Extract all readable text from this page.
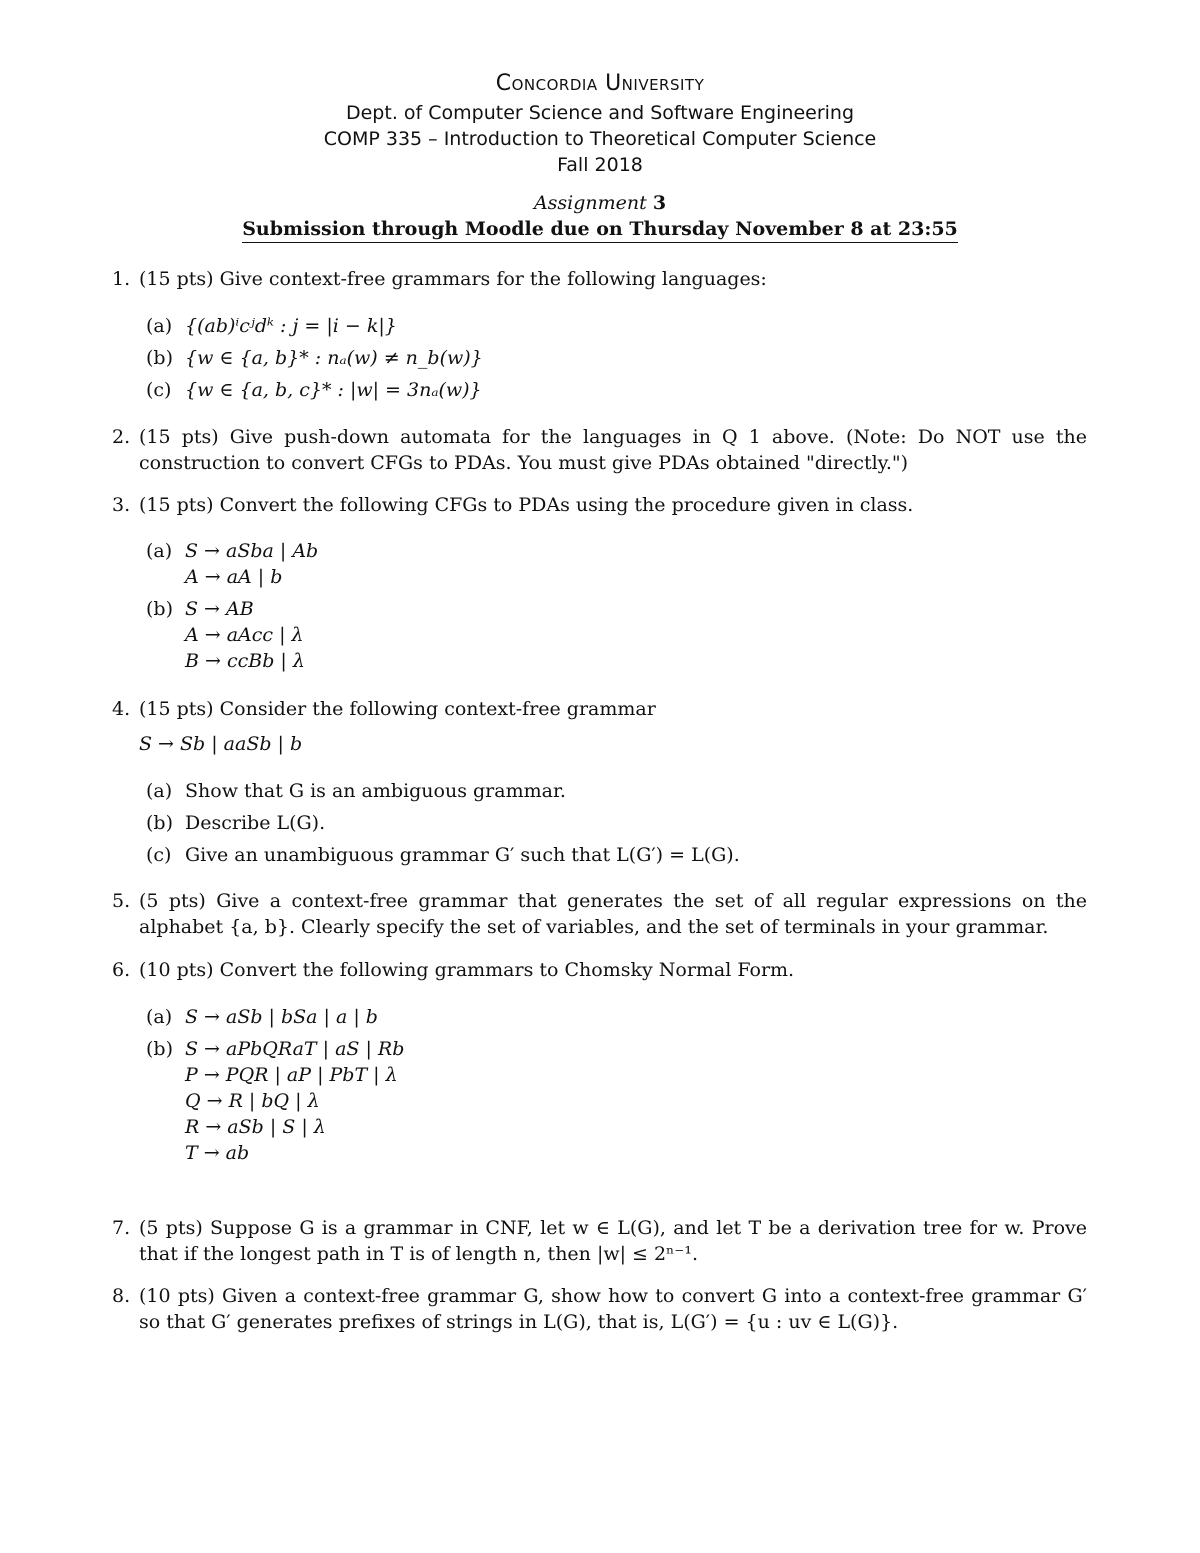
Concordia University
Dept. of Computer Science and Software Engineering
COMP 335 – Introduction to Theoretical Computer Science
Fall 2018
Assignment 3
Submission through Moodle due on Thursday November 8 at 23:55
1. (15 pts) Give context-free grammars for the following languages:
(a) {(ab)ⁱcʲdᵏ : j = |i − k|}
(b) {w ∈ {a, b}* : nₐ(w) ≠ n_b(w)}
(c) {w ∈ {a, b, c}* : |w| = 3nₐ(w)}
2. (15 pts) Give push-down automata for the languages in Q 1 above. (Note: Do NOT use the construction to convert CFGs to PDAs. You must give PDAs obtained "directly.")
3. (15 pts) Convert the following CFGs to PDAs using the procedure given in class.
(a) S → aSba | Ab
A → aA | b
(b) S → AB
A → aAcc | λ
B → ccBb | λ
4. (15 pts) Consider the following context-free grammar
S → Sb | aaSb | b
(a) Show that G is an ambiguous grammar.
(b) Describe L(G).
(c) Give an unambiguous grammar G′ such that L(G′) = L(G).
5. (5 pts) Give a context-free grammar that generates the set of all regular expressions on the alphabet {a, b}. Clearly specify the set of variables, and the set of terminals in your grammar.
6. (10 pts) Convert the following grammars to Chomsky Normal Form.
(a) S → aSb | bSa | a | b
(b) S → aPbQRaT | aS | Rb
P → PQR | aP | PbT | λ
Q → R | bQ | λ
R → aSb | S | λ
T → ab
7. (5 pts) Suppose G is a grammar in CNF, let w ∈ L(G), and let T be a derivation tree for w. Prove that if the longest path in T is of length n, then |w| ≤ 2ⁿ⁻¹.
8. (10 pts) Given a context-free grammar G, show how to convert G into a context-free grammar G′ so that G′ generates prefixes of strings in L(G), that is, L(G′) = {u : uv ∈ L(G)}.
